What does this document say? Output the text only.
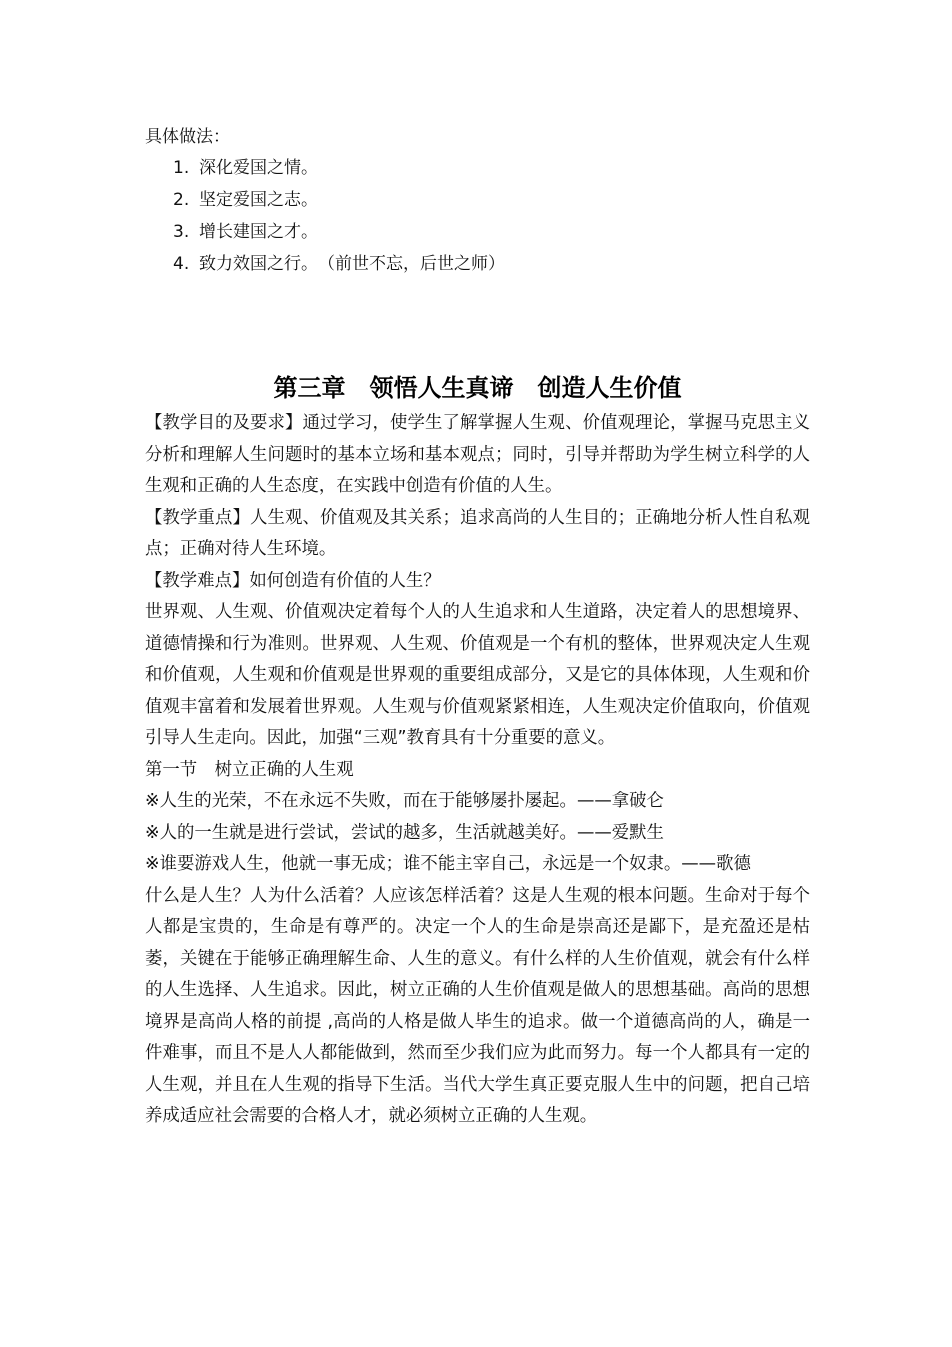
具体做法：
1. 深化爱国之情。
2. 坚定爱国之志。
3. 增长建国之才。
4. 致力效国之行。　（前世不忘，后世之师）
第三章　领悟人生真谛　创造人生价值

【教学目的及要求】通过学习，使学生了解掌握人生观、价值观理论，掌握马克思主义分析和理解人生问题时的基本立场和基本观点；同时，引导并帮助为学生树立科学的人生观和正确的人生态度，在实践中创造有价值的人生。

【教学重点】人生观、价值观及其关系；追求高尚的人生目的；正确地分析人性自私观点；正确对待人生环境。

【教学难点】如何创造有价值的人生？

世界观、人生观、价值观决定着每个人的人生追求和人生道路，决定着人的思想境界、道德情操和行为准则。世界观、人生观、价值观是一个有机的整体，世界观决定人生观和价值观，人生观和价值观是世界观的重要组成部分，又是它的具体体现，人生观和价值观丰富着和发展着世界观。人生观与价值观紧紧相连，人生观决定价值取向，价值观引导人生走向。因此，加强“三观”教育具有十分重要的意义。

第一节　树立正确的人生观

※人生的光荣，不在永远不失败，而在于能够屡扑屡起。——拿破仑

※人的一生就是进行尝试，尝试的越多，生活就越美好。——爱默生

※谁要游戏人生，他就一事无成；谁不能主宰自己，永远是一个奴隶。——歌德

什么是人生？人为什么活着？人应该怎样活着？这是人生观的根本问题。生命对于每个人都是宝贵的，生命是有尊严的。决定一个人的生命是崇高还是鄙下，是充盈还是枯萎，关键在于能够正确理解生命、人生的意义。有什么样的人生价值观，就会有什么样的人生选择、人生追求。因此，树立正确的人生价值观是做人的思想基础。高尚的思想境界是高尚人格的前提 ,高尚的人格是做人毕生的追求。做一个道德高尚的人，确是一件难事，而且不是人人都能做到，然而至少我们应为此而努力。每一个人都具有一定的人生观，并且在人生观的指导下生活。当代大学生真正要克服人生中的问题，把自己培养成适应社会需要的合格人才，就必须树立正确的人生观。
